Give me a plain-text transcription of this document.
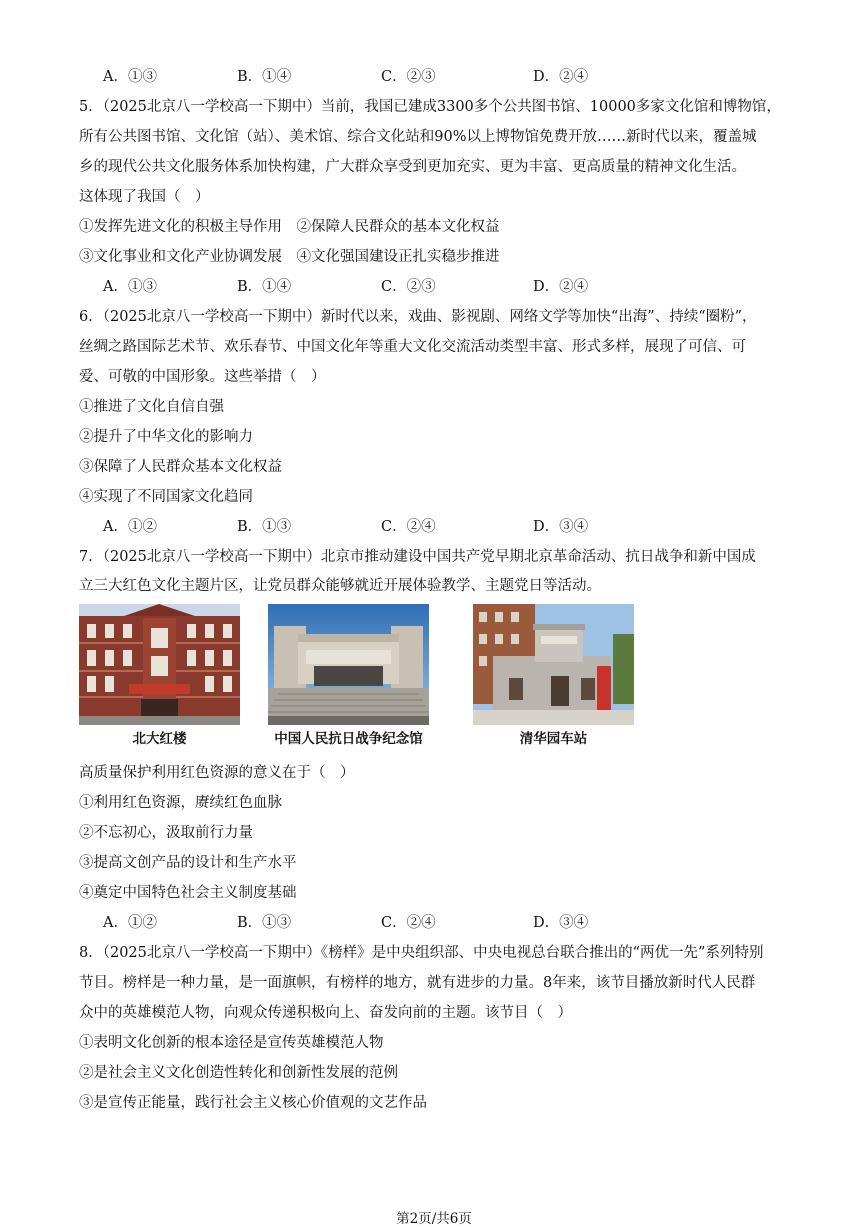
A．①③	B．①④	C．②③	D．②④
5．（2025北京八一学校高一下期中）当前，我国已建成3300多个公共图书馆、10000多家文化馆和博物馆，
所有公共图书馆、文化馆（站）、美术馆、综合文化站和90%以上博物馆免费开放……新时代以来，覆盖城
乡的现代公共文化服务体系加快构建，广大群众享受到更加充实、更为丰富、更高质量的精神文化生活。
这体现了我国（　）
①发挥先进文化的积极主导作用　②保障人民群众的基本文化权益
③文化事业和文化产业协调发展　④文化强国建设正扎实稳步推进
A．①③	B．①④	C．②③	D．②④
6．（2025北京八一学校高一下期中）新时代以来，戏曲、影视剧、网络文学等加快“出海”、持续“圈粉”，
丝绸之路国际艺术节、欢乐春节、中国文化年等重大文化交流活动类型丰富、形式多样，展现了可信、可
爱、可敬的中国形象。这些举措（　）
①推进了文化自信自强
②提升了中华文化的影响力
③保障了人民群众基本文化权益
④实现了不同国家文化趋同
A．①②	B．①③	C．②④	D．③④
7．（2025北京八一学校高一下期中）北京市推动建设中国共产党早期北京革命活动、抗日战争和新中国成
立三大红色文化主题片区，让党员群众能够就近开展体验教学、主题党日等活动。
北大红楼	中国人民抗日战争纪念馆	清华园车站
高质量保护利用红色资源的意义在于（　）
①利用红色资源，赓续红色血脉
②不忘初心，汲取前行力量
③提高文创产品的设计和生产水平
④奠定中国特色社会主义制度基础
A．①②	B．①③	C．②④	D．③④
8．（2025北京八一学校高一下期中）《榜样》是中央组织部、中央电视总台联合推出的“两优一先”系列特别
节目。榜样是一种力量，是一面旗帜，有榜样的地方，就有进步的力量。8年来，该节目播放新时代人民群
众中的英雄模范人物，向观众传递积极向上、奋发向前的主题。该节目（　）
①表明文化创新的根本途径是宣传英雄模范人物
②是社会主义文化创造性转化和创新性发展的范例
③是宣传正能量，践行社会主义核心价值观的文艺作品
第2页/共6页
